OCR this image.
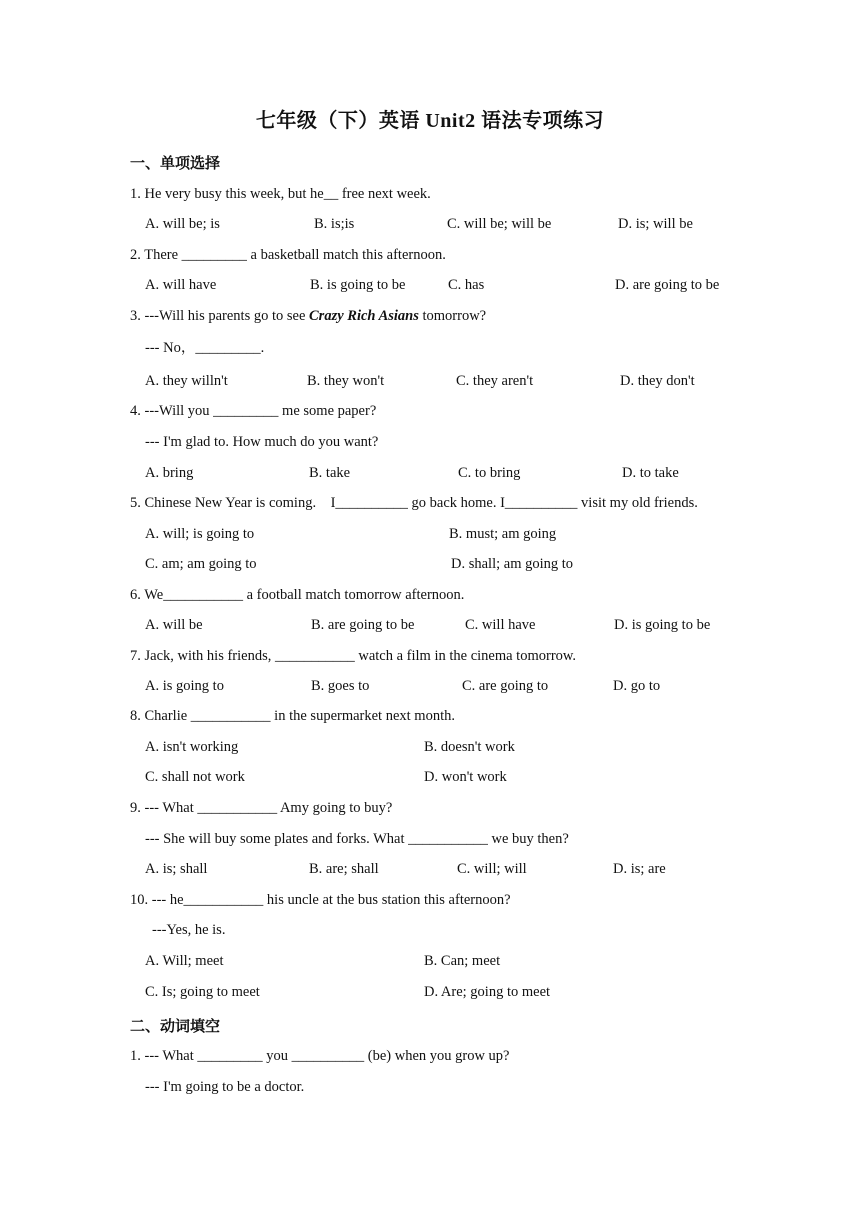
七年级（下）英语 Unit2 语法专项练习
一、单项选择
1. He very busy this week, but he__ free next week.
A. will be; is	B. is;is	C. will be; will be	D. is; will be
2. There _________ a basketball match this afternoon.
A. will have	B. is going to be	C. has	D. are going to be
3. ---Will his parents go to see Crazy Rich Asians tomorrow?
--- No，_________.
A. they willn't	B. they won't	C. they aren't	D. they don't
4. ---Will you _________ me some paper?
--- I'm glad to. How much do you want?
A. bring	B. take	C. to bring	D. to take
5. Chinese New Year is coming.    I__________ go back home. I__________ visit my old friends.
A. will; is going to	B. must; am going
C. am; am going to	D. shall; am going to
6. We___________ a football match tomorrow afternoon.
A. will be	B. are going to be	C. will have	D. is going to be
7. Jack, with his friends, ___________ watch a film in the cinema tomorrow.
A. is going to	B. goes to	C. are going to	D. go to
8. Charlie ___________ in the supermarket next month.
A. isn't working	B. doesn't work
C. shall not work	D. won't work
9. --- What ___________ Amy going to buy?
--- She will buy some plates and forks. What ___________ we buy then?
A. is; shall	B. are; shall	C. will; will	D. is; are
10. --- he___________ his uncle at the bus station this afternoon?
---Yes, he is.
A. Will; meet	B. Can; meet
C. Is; going to meet	D. Are; going to meet
二、动词填空
1. --- What _________ you __________ (be) when you grow up?
--- I'm going to be a doctor.
